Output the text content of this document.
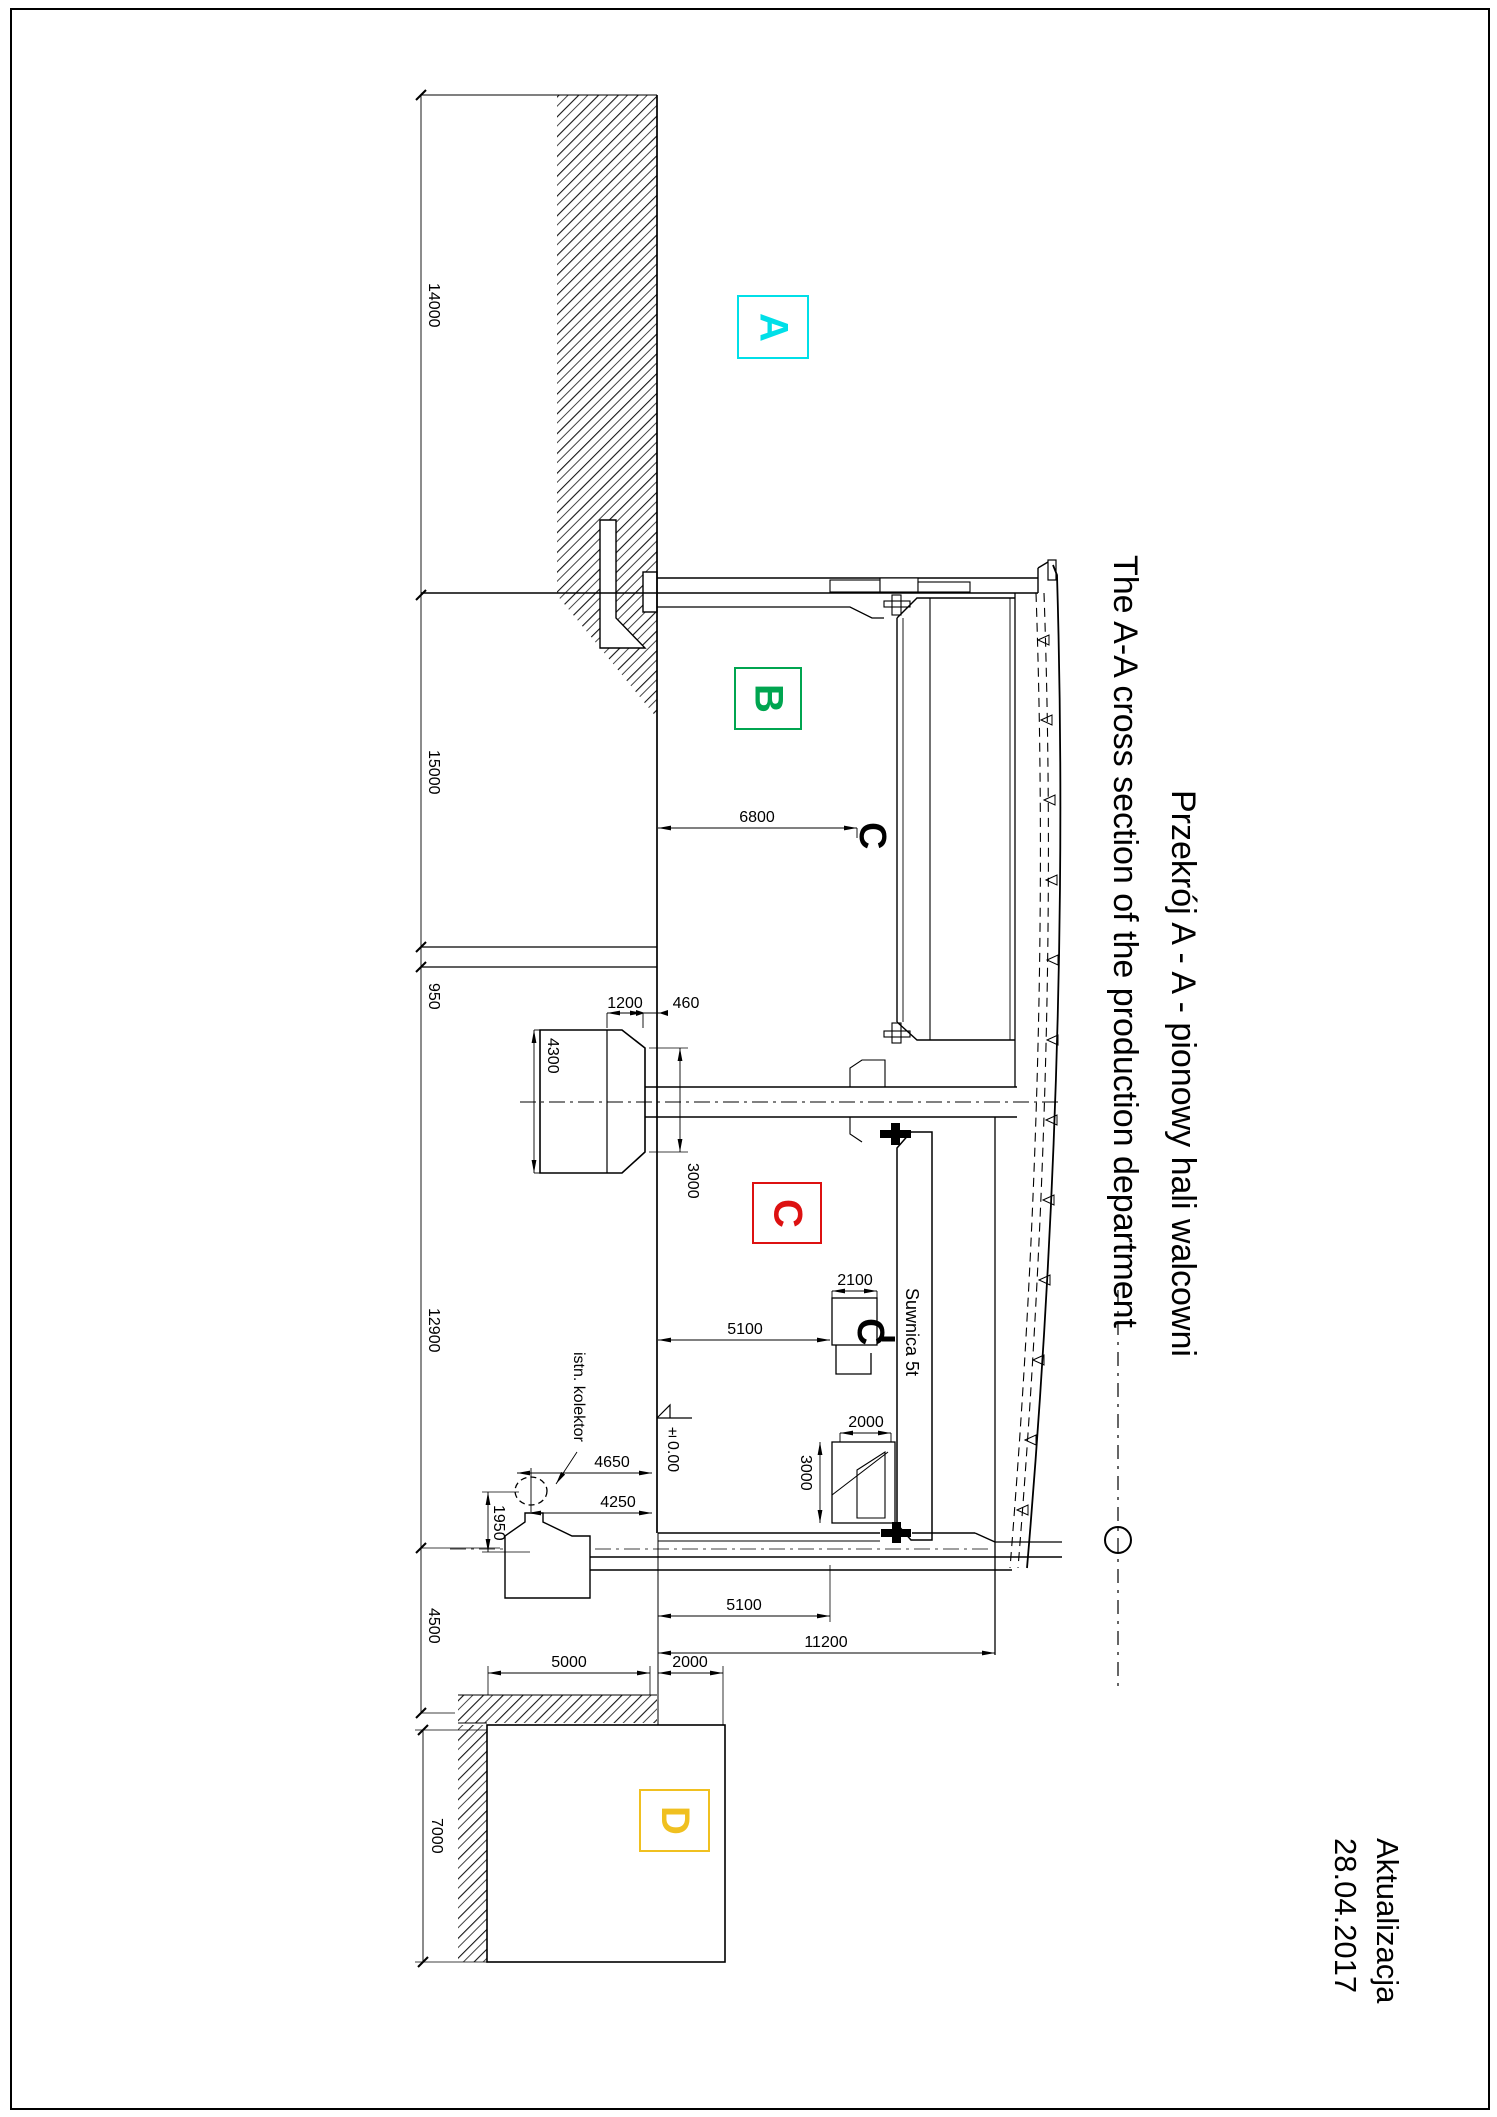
Przekrój A - A - pionowy hali walcowni
The A-A cross section of the production department
Aktualizacja
28.04.2017
A
B
C
D
C
C Suwnica 5t
istn. kolektor
±0.00
14000
15000
950
12900
4500
7000
4300
3000
3000
1950
6800
1200 460
2100
5100
2000
4650
4250
5100
11200
5000	2000
